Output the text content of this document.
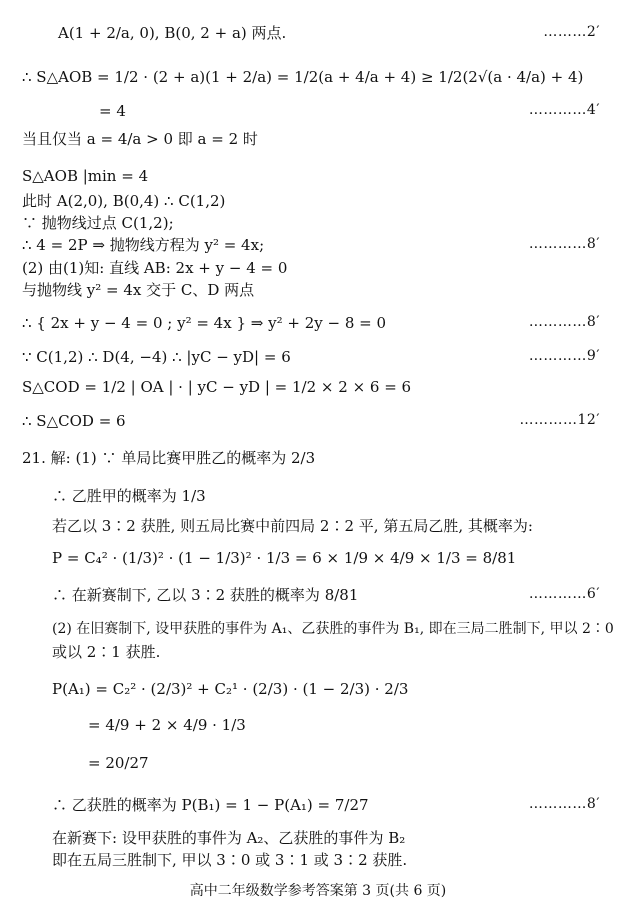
A(1 + 2/a, 0), B(0, 2 + a) 两点.
∴ S△AOB = 1/2 · (2 + a)(1 + 2/a) = 1/2(a + 4/a + 4) ≥ 1/2(2√(a · 4/a) + 4)
= 4
当且仅当 a = 4/a > 0 即 a = 2 时
S△AOB |min = 4
此时 A(2,0), B(0,4) ∴ C(1,2)
∵ 抛物线过点 C(1,2);
∴ 4 = 2P ⇒ 抛物线方程为 y² = 4x;
(2) 由(1)知: 直线 AB: 2x + y − 4 = 0
与抛物线 y² = 4x 交于 C、D 两点
∴ { 2x + y − 4 = 0 ; y² = 4x } ⇒ y² + 2y − 8 = 0
∵ C(1,2) ∴ D(4, −4) ∴ |yC − yD| = 6
S△COD = 1/2 | OA | · | yC − yD | = 1/2 × 2 × 6 = 6
∴ S△COD = 6
21. 解: (1) ∵ 单局比赛甲胜乙的概率为 2/3
∴ 乙胜甲的概率为 1/3
若乙以 3∶2 获胜, 则五局比赛中前四局 2∶2 平, 第五局乙胜, 其概率为:
P = C₄² · (1/3)² · (1 − 1/3)² · 1/3 = 6 × 1/9 × 4/9 × 1/3 = 8/81
∴ 在新赛制下, 乙以 3∶2 获胜的概率为 8/81
(2) 在旧赛制下, 设甲获胜的事件为 A₁、乙获胜的事件为 B₁, 即在三局二胜制下, 甲以 2∶0
或以 2∶1 获胜.
P(A₁) = C₂² · (2/3)² + C₂¹ · (2/3) · (1 − 2/3) · 2/3
= 4/9 + 2 × 4/9 · 1/3
= 20/27
∴ 乙获胜的概率为 P(B₁) = 1 − P(A₁) = 7/27
在新赛下: 设甲获胜的事件为 A₂、乙获胜的事件为 B₂
即在五局三胜制下, 甲以 3∶0 或 3∶1 或 3∶2 获胜.
………2′
…………4′
…………8′
…………8′
…………9′
…………12′
…………6′
…………8′
高中二年级数学参考答案第 3 页(共 6 页)
